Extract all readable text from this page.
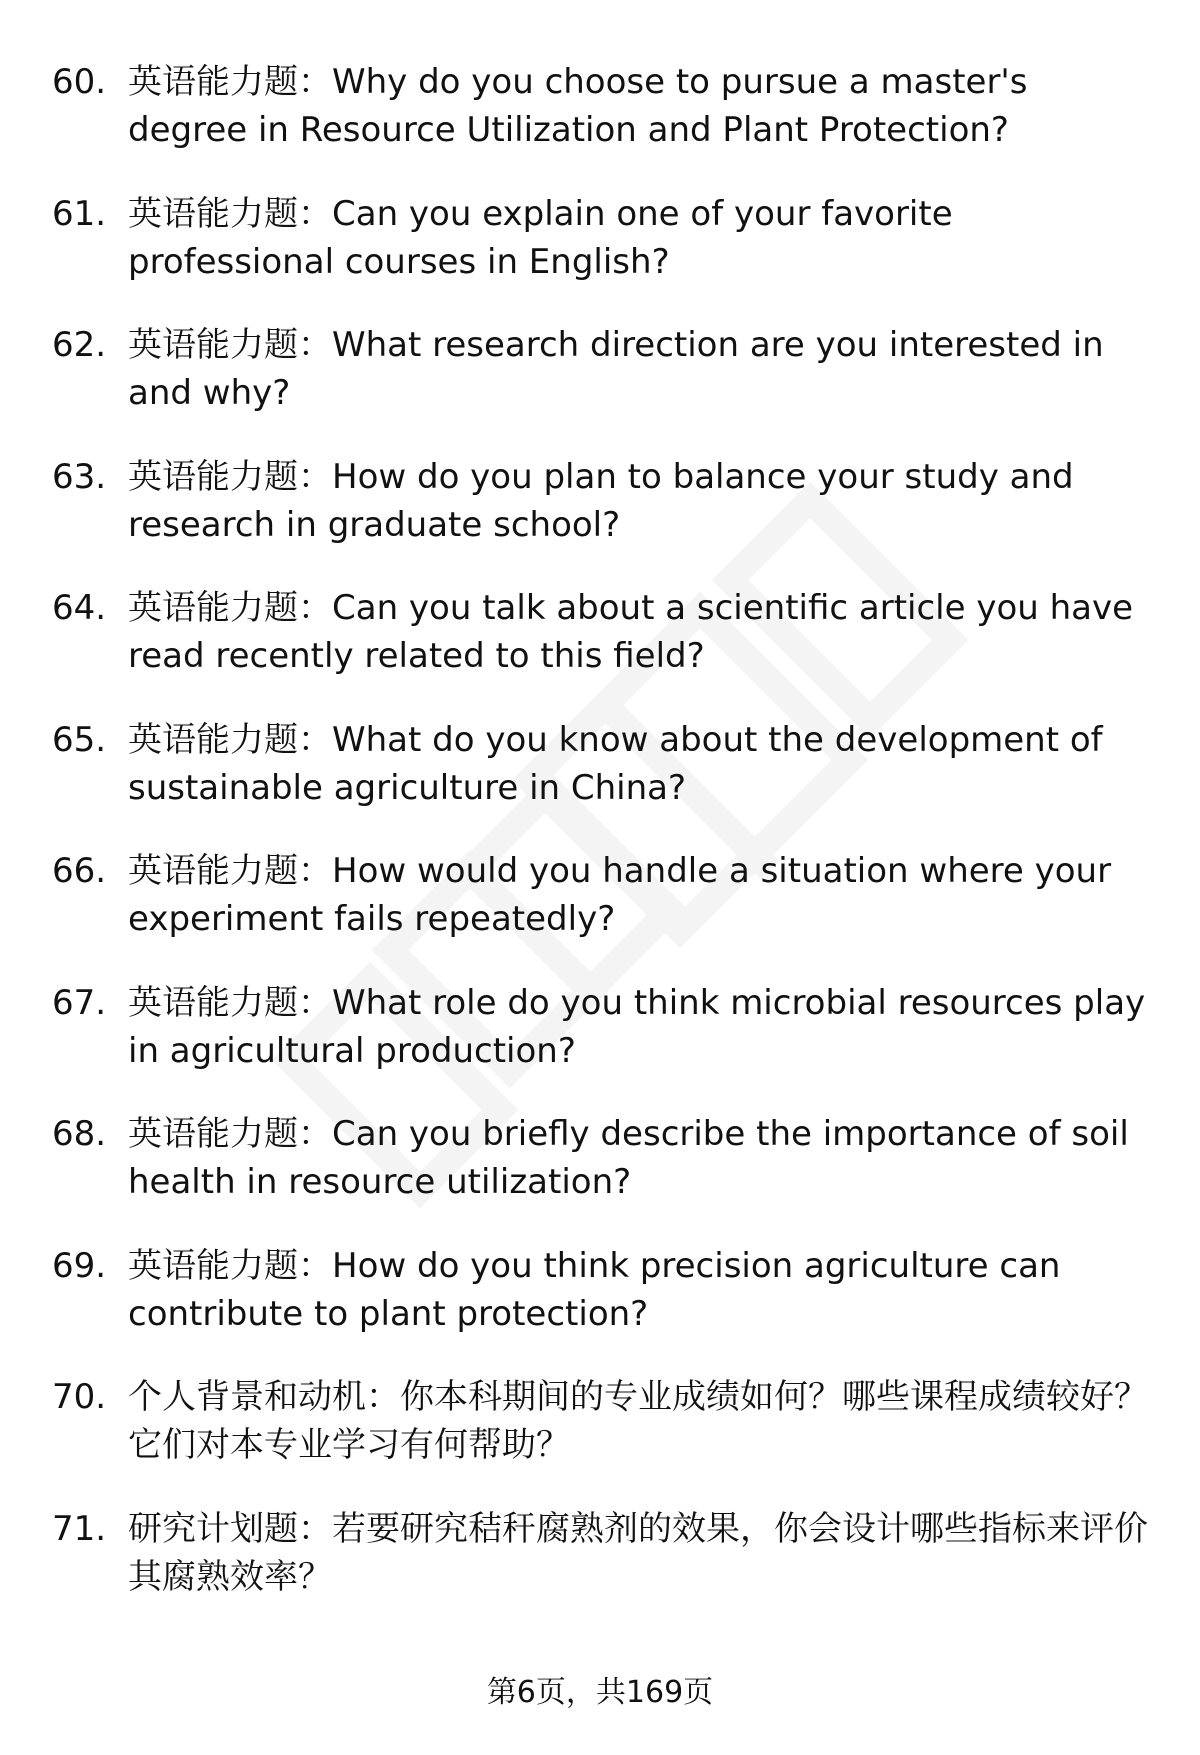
60. 英语能力题：Why do you choose to pursue a master's degree in Resource Utilization and Plant Protection?
61. 英语能力题：Can you explain one of your favorite professional courses in English?
62. 英语能力题：What research direction are you interested in and why?
63. 英语能力题：How do you plan to balance your study and research in graduate school?
64. 英语能力题：Can you talk about a scientific article you have read recently related to this field?
65. 英语能力题：What do you know about the development of sustainable agriculture in China?
66. 英语能力题：How would you handle a situation where your experiment fails repeatedly?
67. 英语能力题：What role do you think microbial resources play in agricultural production?
68. 英语能力题：Can you briefly describe the importance of soil health in resource utilization?
69. 英语能力题：How do you think precision agriculture can contribute to plant protection?
70. 个人背景和动机：你本科期间的专业成绩如何？哪些课程成绩较好？它们对本专业学习有何帮助？
71. 研究计划题：若要研究秸秆腐熟剂的效果，你会设计哪些指标来评价其腐熟效率？
第6页，共169页
